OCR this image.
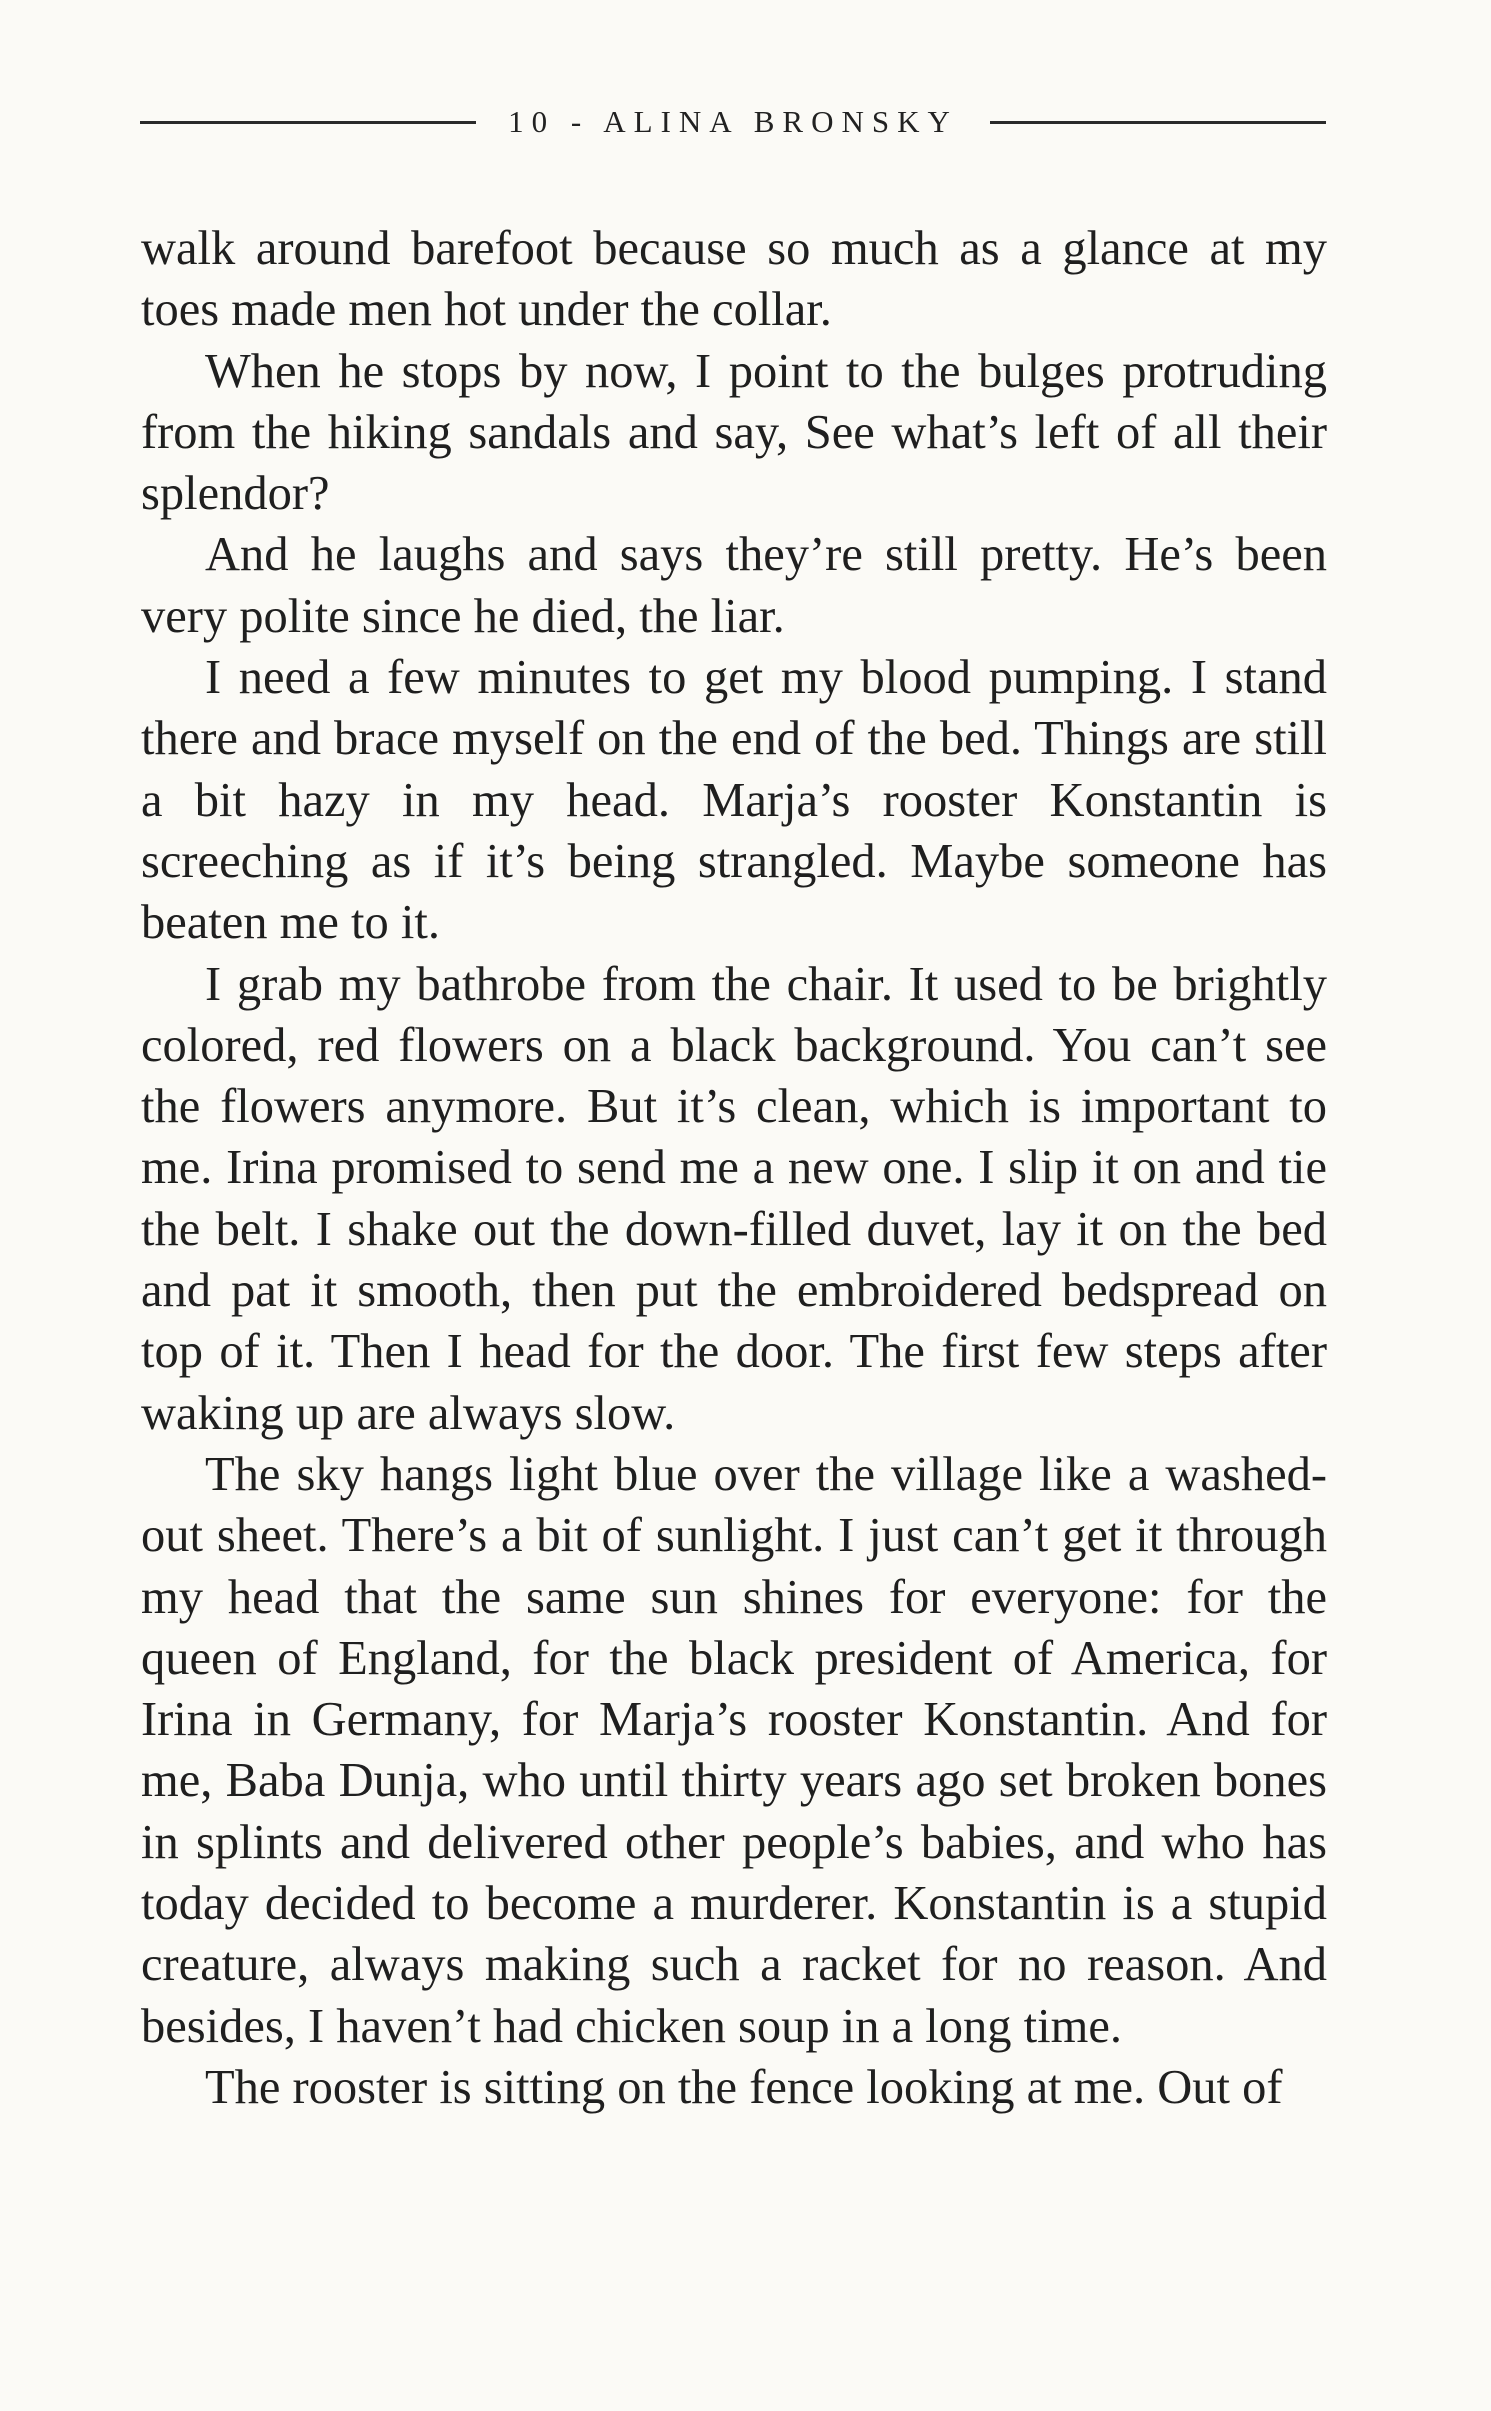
10 - ALINA BRONSKY

walk around barefoot because so much as a glance at my toes made men hot under the collar.

When he stops by now, I point to the bulges protruding from the hiking sandals and say, See what’s left of all their splendor?

And he laughs and says they’re still pretty. He’s been very polite since he died, the liar.

I need a few minutes to get my blood pumping. I stand there and brace myself on the end of the bed. Things are still a bit hazy in my head. Marja’s rooster Konstantin is screeching as if it’s being strangled. Maybe someone has beaten me to it.

I grab my bathrobe from the chair. It used to be brightly colored, red flowers on a black background. You can’t see the flowers anymore. But it’s clean, which is important to me. Irina promised to send me a new one. I slip it on and tie the belt. I shake out the down-filled duvet, lay it on the bed and pat it smooth, then put the embroidered bedspread on top of it. Then I head for the door. The first few steps after waking up are always slow.

The sky hangs light blue over the village like a washedout sheet. There’s a bit of sunlight. I just can’t get it through my head that the same sun shines for everyone: for the queen of England, for the black president of America, for Irina in Germany, for Marja’s rooster Konstantin. And for me, Baba Dunja, who until thirty years ago set broken bones in splints and delivered other people’s babies, and who has today decided to become a murderer. Konstantin is a stupid creature, always making such a racket for no reason. And besides, I haven’t had chicken soup in a long time.

The rooster is sitting on the fence looking at me. Out of
